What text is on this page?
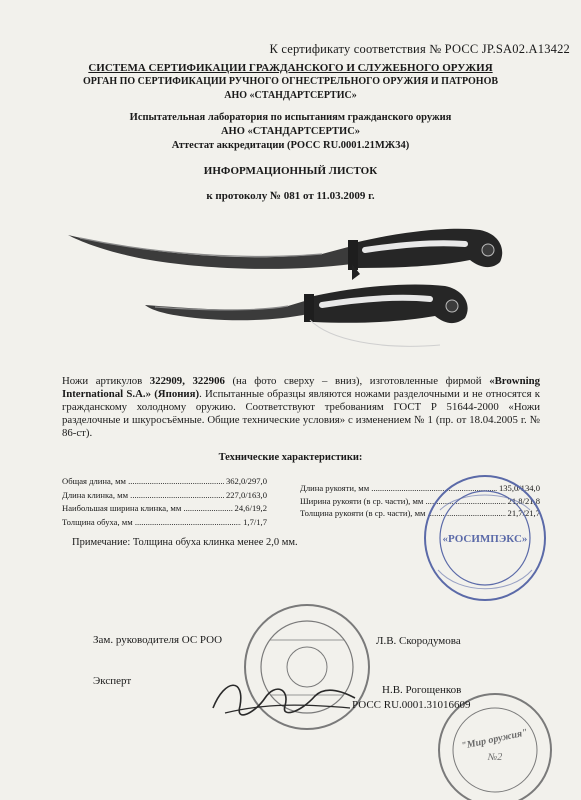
К сертификату соответствия № РОСС JP.SA02.A13422
СИСТЕМА СЕРТИФИКАЦИИ ГРАЖДАНСКОГО И СЛУЖЕБНОГО ОРУЖИЯ
ОРГАН ПО СЕРТИФИКАЦИИ РУЧНОГО ОГНЕСТРЕЛЬНОГО ОРУЖИЯ И ПАТРОНОВ
АНО «СТАНДАРТСЕРТИС»
Испытательная лаборатория по испытаниям гражданского оружия
АНО «СТАНДАРТСЕРТИС»
Аттестат аккредитации (РОСС RU.0001.21МЖ34)
ИНФОРМАЦИОННЫЙ ЛИСТОК
к протоколу № 081 от 11.03.2009 г.
Ножи артикулов 322909, 322906 (на фото сверху – вниз), изготовленные фирмой «Browning International S.A.» (Япония). Испытанные образцы являются ножами разделочными и не относятся к гражданскому холодному оружию. Соответствуют требованиям ГОСТ Р 51644-2000 «Ножи разделочные и шкуросъёмные. Общие технические условия» с изменением № 1 (пр. от 18.04.2005 г. № 86-ст).
Технические характеристики:
Общая длина, мм .....	362,0/297,0
Длина клинка, мм .....	227,0/163,0
Наибольшая ширина клинка, мм .....	24,6/19,2
Толщина обуха, мм .....	1,7/1,7
Длина рукояти, мм .....	135,0/134,0
Ширина рукояти (в ср. части), мм .....	21,8/21,8
Толщина рукояти (в ср. части), мм .....	21,7/21,7
Примечание: Толщина обуха клинка менее 2,0 мм.	«РОСИМПЭКС»
"Мир оружия"
№2
Зам. руководителя ОС РОО	Л.В. Скородумова
Эксперт
Н.В. Рогощенков
РОСС RU.0001.31016609
